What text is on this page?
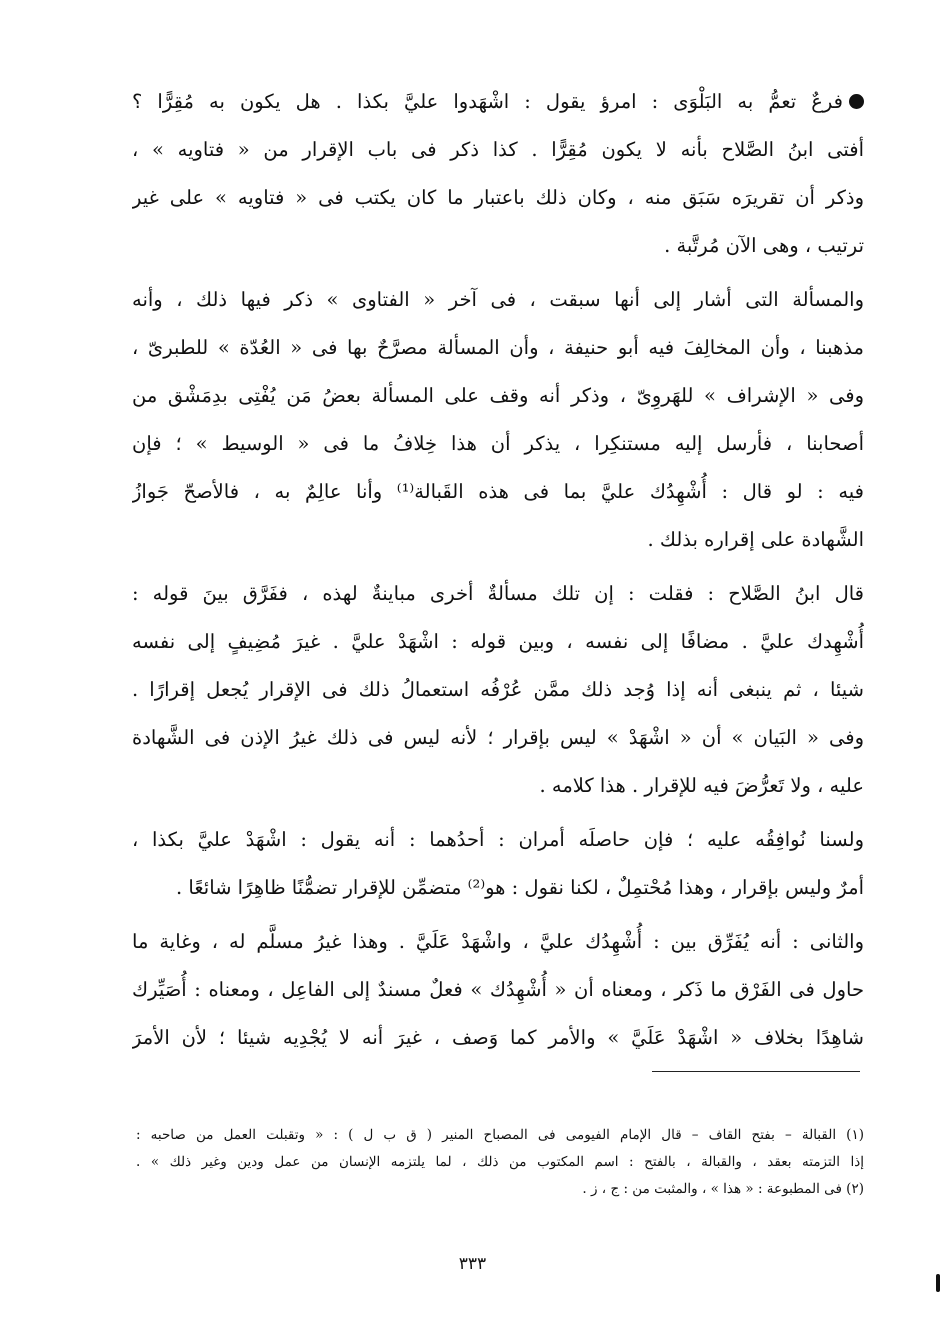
فرعٌ تعمُّ به البَلْوَى : امرؤ يقول : اشْهَدوا عليَّ بكذا . هل يكون به مُقِرًّا ؟
أفتى ابنُ الصَّلاح بأنه لا يكون مُقِرًّا . كذا ذكر فى باب الإقرار من « فتاويه » ،
وذكر أن تقريرَه سَبَق منه ، وكان ذلك باعتبار ما كان يكتب فى « فتاويه » على غير
ترتيب ، وهى الآن مُرتَّبة .
والمسألة التى أشار إلى أنها سبقت ، فى آخر « الفتاوى » ذكر فيها ذلك ، وأنه
مذهبنا ، وأن المخالِفَ فيه أبو حنيفة ، وأن المسألة مصرَّحٌ بها فى « العُدّة » للطبرىّ ،
وفى « الإشراف » للهَروِىّ ، وذكر أنه وقف على المسألة بعضُ مَن يُفْتِى بدِمَشْق من
أصحابنا ، فأرسل إليه مستنكِرا ، يذكر أن هذا خِلافُ ما فى « الوسيط » ؛ فإن
فيه : لو قال : أُشْهِدُك عليَّ بما فى هذه القَبالة⁽¹⁾ وأنا عالِمٌ به ، فالأصحّ جَوازُ
الشَّهادة على إقراره بذلك .
قال ابنُ الصَّلاح : فقلت : إن تلك مسألةٌ أخرى مباينةٌ لهذه ، ففَرَّق بينَ قوله :
أُشْهِدك عليَّ . مضافًا إلى نفسه ، وبين قوله : اشْهَدْ عليَّ . غيرَ مُضِيفٍ إلى نفسه
شيئا ، ثم ينبغى أنه إذا وُجد ذلك ممَّن عُرْفُه استعمالُ ذلك فى الإقرار يُجعل إقرارًا .
وفى « البَيان » أن « اشْهَدْ » ليس بإقرار ؛ لأنه ليس فى ذلك غيرُ الإذن فى الشَّهادة
عليه ، ولا تَعرُّضَ فيه للإقرار . هذا كلامه .
ولسنا نُوافِقُه عليه ؛ فإن حاصلَه أمران : أحدُهما : أنه يقول : اشْهَدْ عليَّ بكذا ،
أمرٌ وليس بإقرار ، وهذا مُحْتمِلٌ ، لكنا نقول : هو⁽²⁾ متضمِّن للإقرار تضمُّنًا ظاهِرًا شائعًا .
والثانى : أنه يُفَرِّق بين : أُشْهِدُك عليَّ ، واشْهَدْ عَلَيَّ . وهذا غيرُ مسلَّم له ، وغاية ما
حاول فى الفَرْق ما ذَكر ، ومعناه أن « أُشْهِدُك » فعلٌ مسندٌ إلى الفاعِل ، ومعناه : أُصَيِّرك
شاهِدًا بخلاف « اشْهَدْ عَلَيَّ » والأمر كما وَصف ، غيرَ أنه لا يُجْدِيه شيئا ؛ لأن الأمرَ
(١) القبالة – بفتح القاف – قال الإمام الفيومى فى المصباح المنير ( ق ب ل ) : « وتقبلت العمل من صاحبه :
إذا التزمته بعقد ، والقبالة ، بالفتح : اسم المكتوب من ذلك ، لما يلتزمه الإنسان من عمل ودين وغير ذلك » .
(٢) فى المطبوعة : « هذا » ، والمثبت من : ج ، ز .
٣٣٣
